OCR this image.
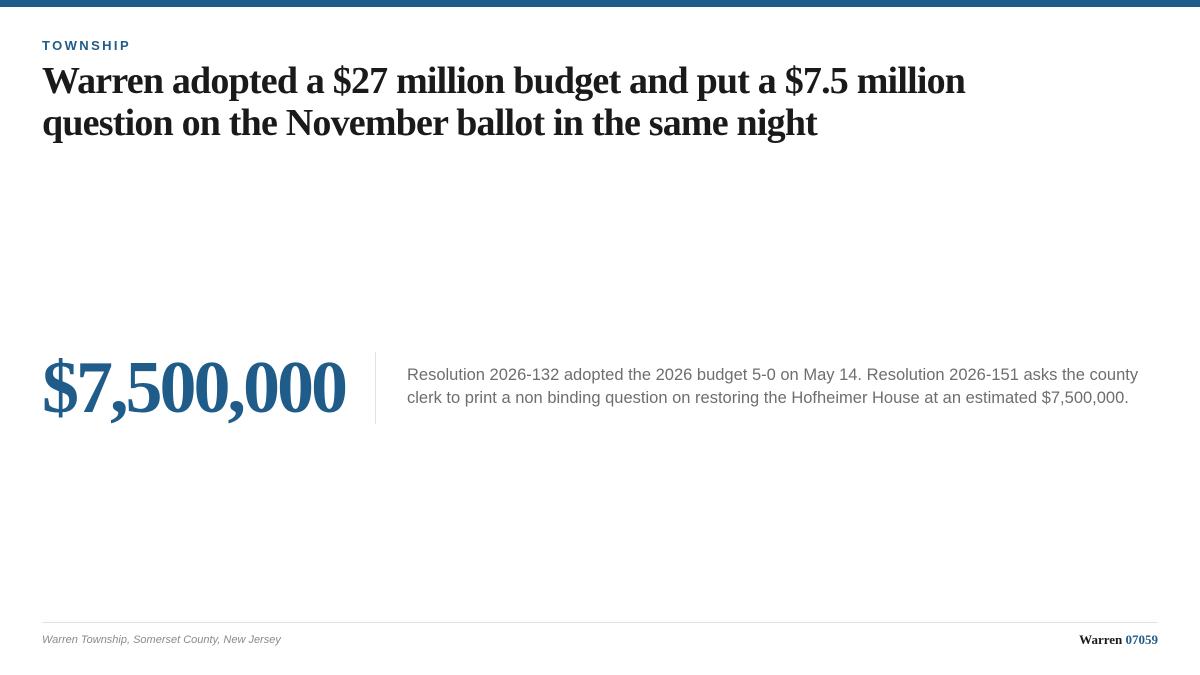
TOWNSHIP
Warren adopted a $27 million budget and put a $7.5 million question on the November ballot in the same night
$7,500,000	Resolution 2026-132 adopted the 2026 budget 5-0 on May 14. Resolution 2026-151 asks the county clerk to print a non binding question on restoring the Hofheimer House at an estimated $7,500,000.
Warren Township, Somerset County, New Jersey	Warren 07059
